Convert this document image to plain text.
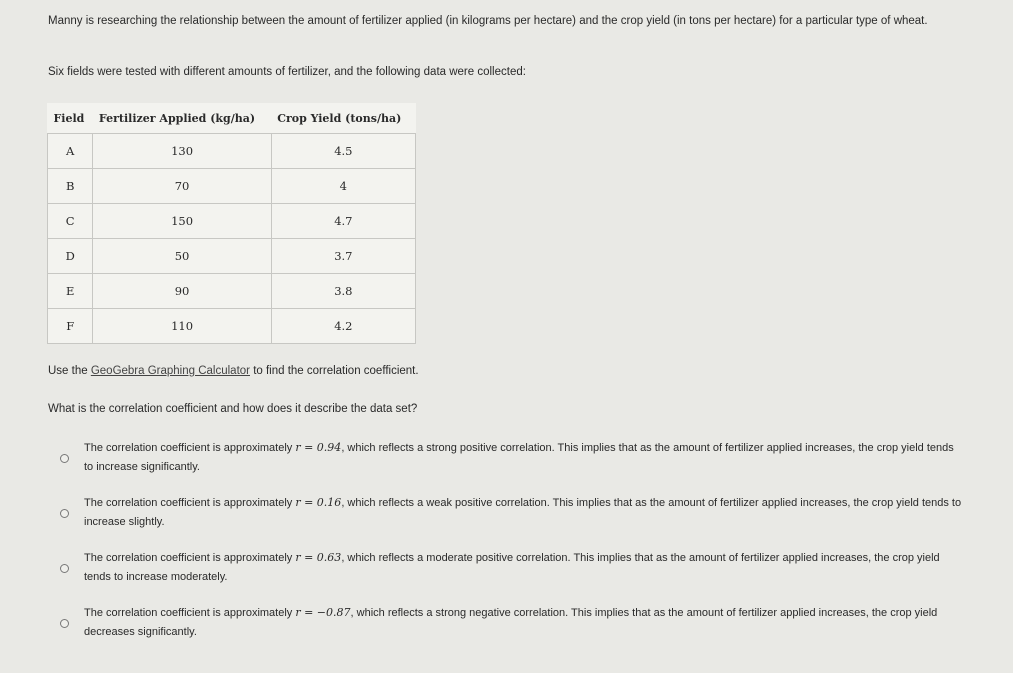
Manny is researching the relationship between the amount of fertilizer applied (in kilograms per hectare) and the crop yield (in tons per hectare) for a particular type of wheat.
Six fields were tested with different amounts of fertilizer, and the following data were collected:
Field	Fertilizer Applied (kg/ha)	Crop Yield (tons/ha)
A	130	4.5
B	70	4
C	150	4.7
D	50	3.7
E	90	3.8
F	110	4.2
Use the GeoGebra Graphing Calculator to find the correlation coefficient.
What is the correlation coefficient and how does it describe the data set?
The correlation coefficient is approximately r = 0.94, which reflects a strong positive correlation. This implies that as the amount of fertilizer applied increases, the crop yield tends to increase significantly.
The correlation coefficient is approximately r = 0.16, which reflects a weak positive correlation. This implies that as the amount of fertilizer applied increases, the crop yield tends to increase slightly.
The correlation coefficient is approximately r = 0.63, which reflects a moderate positive correlation. This implies that as the amount of fertilizer applied increases, the crop yield tends to increase moderately.
The correlation coefficient is approximately r = −0.87, which reflects a strong negative correlation. This implies that as the amount of fertilizer applied increases, the crop yield decreases significantly.
